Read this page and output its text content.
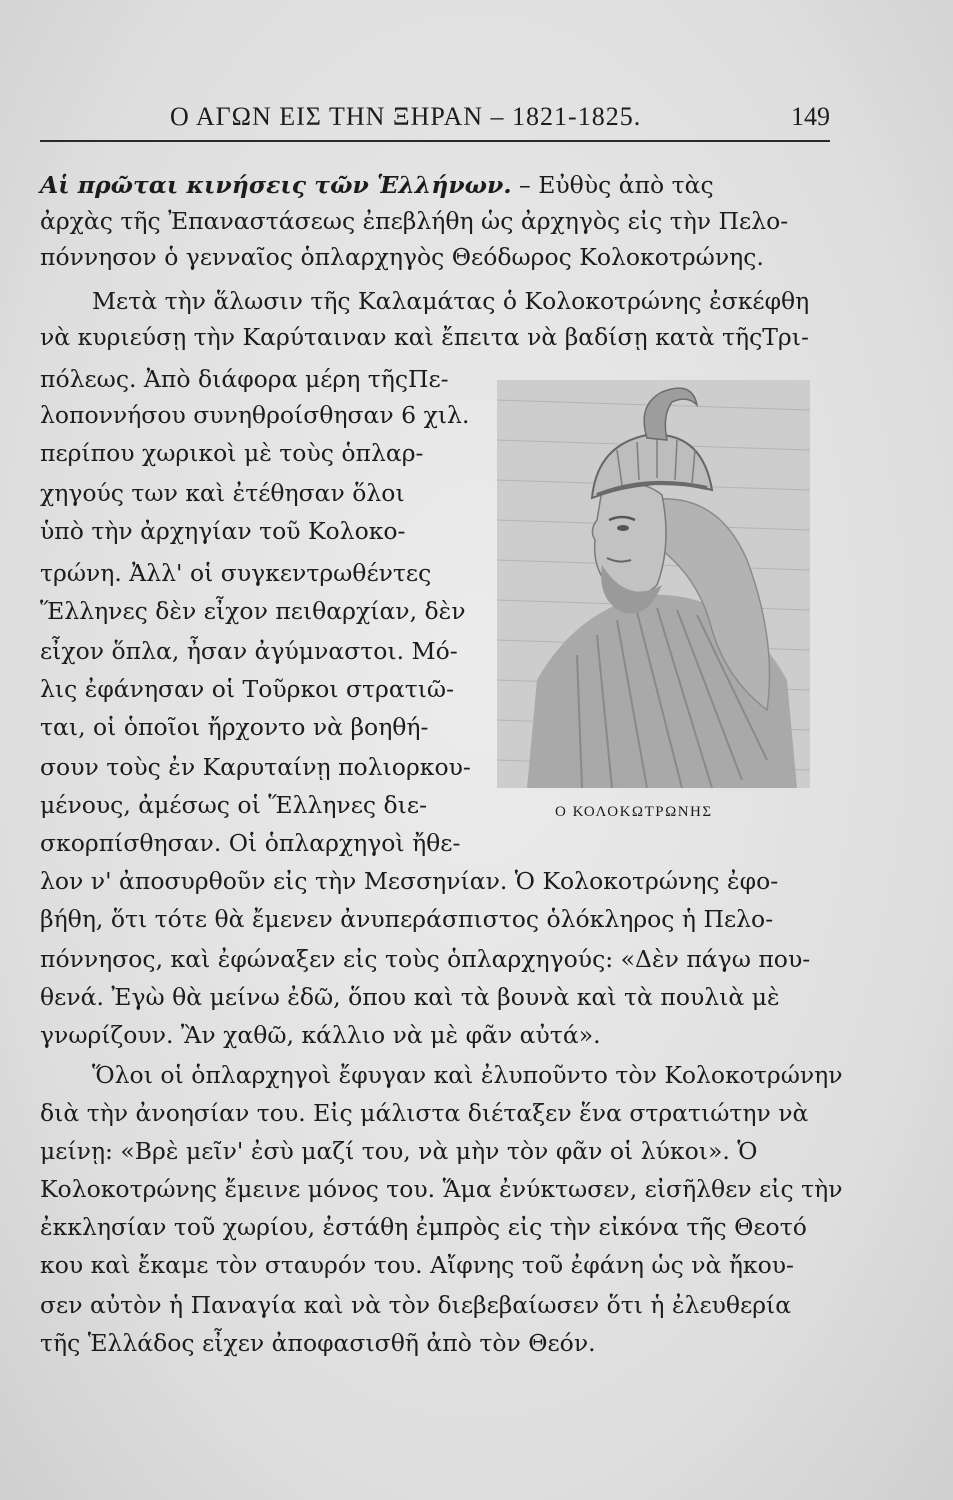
Ο ΑΓΩΝ ΕΙΣ ΤΗΝ ΞΗΡΑΝ – 1821-1825.	149
Αἱ πρῶται κινήσεις τῶν Ἑλλήνων. – Εὐθὺς ἀπὸ τὰς
ἀρχὰς τῆς Ἐπαναστάσεως ἐπεβλήθη ὡς ἀρχηγὸς εἰς τὴν Πελο-
πόννησον ὁ γενναῖος ὁπλαρχηγὸς Θεόδωρος Κολοκοτρώνης.
Μετὰ τὴν ἅλωσιν τῆς Καλαμάτας ὁ Κολοκοτρώνης ἐσκέφθη
νὰ κυριεύσῃ τὴν Καρύταιναν καὶ ἔπειτα νὰ βαδίσῃ κατὰ τῆςΤρι-
πόλεως. Ἀπὸ διάφορα μέρη τῆςΠε-
λοποννήσου συνηθροίσθησαν 6 χιλ.
περίπου χωρικοὶ μὲ τοὺς ὁπλαρ-
χηγούς των καὶ ἐτέθησαν ὅλοι
ὑπὸ τὴν ἀρχηγίαν τοῦ Κολοκο-
τρώνη. Ἀλλ' οἱ συγκεντρωθέντες
Ἕλληνες δὲν εἶχον πειθαρχίαν, δὲν
εἶχον ὅπλα, ἦσαν ἀγύμναστοι. Μό-
λις ἐφάνησαν οἱ Τοῦρκοι στρατιῶ-
ται, οἱ ὁποῖοι ἤρχοντο νὰ βοηθή-
σουν τοὺς ἐν Καρυταίνῃ πολιορκου-
μένους, ἀμέσως οἱ Ἕλληνες διε-
σκορπίσθησαν. Οἱ ὁπλαρχηγοὶ ἤθε-
λον ν' ἀποσυρθοῦν εἰς τὴν Μεσσηνίαν. Ὁ Κολοκοτρώνης ἐφο-
βήθη, ὅτι τότε θὰ ἔμενεν ἀνυπεράσπιστος ὁλόκληρος ἡ Πελο-
πόννησος, καὶ ἐφώναξεν εἰς τοὺς ὁπλαρχηγούς: «Δὲν πάγω που-
θενά. Ἐγὼ θὰ μείνω ἐδῶ, ὅπου καὶ τὰ βουνὰ καὶ τὰ πουλιὰ μὲ
γνωρίζουν. Ἂν χαθῶ, κάλλιο νὰ μὲ φᾶν αὐτά».
Ὅλοι οἱ ὁπλαρχηγοὶ ἔφυγαν καὶ ἐλυποῦντο τὸν Κολοκοτρώνην
διὰ τὴν ἀνοησίαν του. Εἰς μάλιστα διέταξεν ἕνα στρατιώτην νὰ
μείνῃ: «Βρὲ μεῖν' ἐσὺ μαζί του, νὰ μὴν τὸν φᾶν οἱ λύκοι». Ὁ
Κολοκοτρώνης ἔμεινε μόνος του. Ἅμα ἐνύκτωσεν, εἰσῆλθεν εἰς τὴν
ἐκκλησίαν τοῦ χωρίου, ἐστάθη ἐμπρὸς εἰς τὴν εἰκόνα τῆς Θεοτό
κου καὶ ἔκαμε τὸν σταυρόν του. Αἴφνης τοῦ ἐφάνη ὡς νὰ ἤκου-
σεν αὐτὸν ἡ Παναγία καὶ νὰ τὸν διεβεβαίωσεν ὅτι ἡ ἐλευθερία
τῆς Ἑλλάδος εἶχεν ἀποφασισθῆ ἀπὸ τὸν Θεόν.
Ο ΚΟΛΟΚΩΤΡΩΝΗΣ
